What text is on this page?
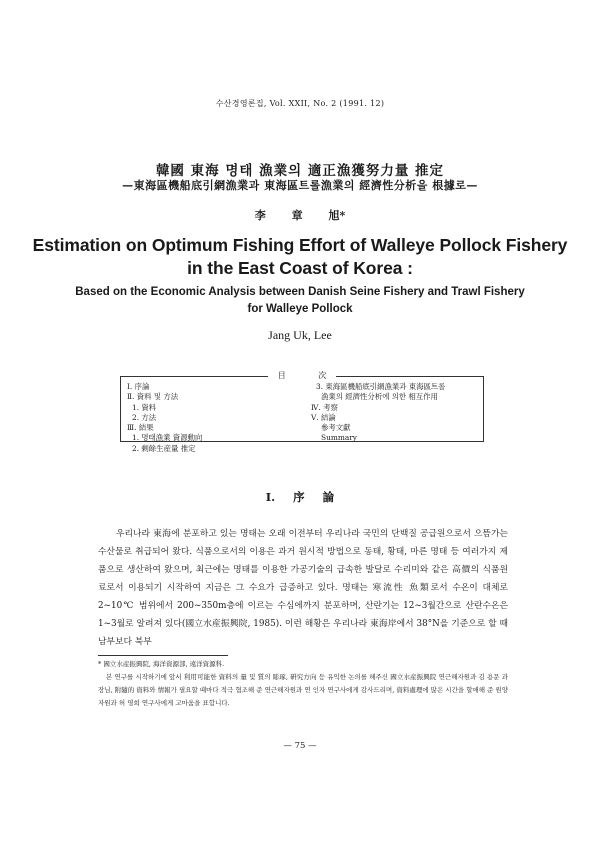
수산경영론집, Vol. XXII, No. 2 (1991. 12)
韓國 東海 명태 漁業의 適正漁獲努力量 推定
—東海區機船底引網漁業과 東海區트롤漁業의 經濟性分析을 根據로—
李 章 旭*
Estimation on Optimum Fishing Effort of Walleye Pollock Fishery
in the East Coast of Korea :
Based on the Economic Analysis between Danish Seine Fishery and Trawl Fishery
for Walleye Pollock
Jang Uk, Lee
目 次
Ⅰ. 序論
Ⅱ. 資料 및 方法
1. 資料
2. 方法
Ⅲ. 結果
1. 명태漁業 資源動向
2. 剩餘生産量 推定
3. 東海區機船底引網漁業과 東海區트롤
漁業의 經濟性分析에 의한 相互作用
Ⅳ. 考察
Ⅴ. 結論
參考文獻
Summary
Ⅰ. 序 論
우리나라 東海에 분포하고 있는 명태는 오래 이전부터 우리나라 국민의 단백질 공급원으로서 으뜸가는 수산물로 취급되어 왔다. 식품으로서의 이용은 과거 원시적 방법으로 동태, 황태, 마른 명태 등 여러가지 제품으로 생산하여 왔으며, 최근에는 명태를 이용한 가공기술의 급속한 발달로 수리미와 같은 高價의 식품원료로서 이용되기 시작하여 지금은 그 수요가 급증하고 있다. 명태는 寒流性 魚類로서 수온이 대체로 2~10℃ 범위에서 200~350m층에 이르는 수심에까지 분포하며, 산란기는 12~3월간으로 산란수온은 1~3월로 알려져 있다(國立水産振興院, 1985). 이런 해황은 우리나라 東海岸에서 38°N을 기준으로 할 때 남부보다 북부

* 國立水産振興院, 海洋資源部, 遠洋資源科.

본 연구를 시작하기에 앞서 利用可能한 資料의 量 및 質의 彫琢, 硏究方向 등 유익한 논의를 해주신 國立水産振興院 연근해자원과 김 용문 과장님, 附隨的 資料와 情報가 필요할 때마다 적극 협조해 준 연근해자원과 연 인자 연구사에게 감사드리며, 資料處理에 많은 시간을 할애해 준 원양자원과 허 영희 연구사에게 고마움을 표합니다.

— 75 —
